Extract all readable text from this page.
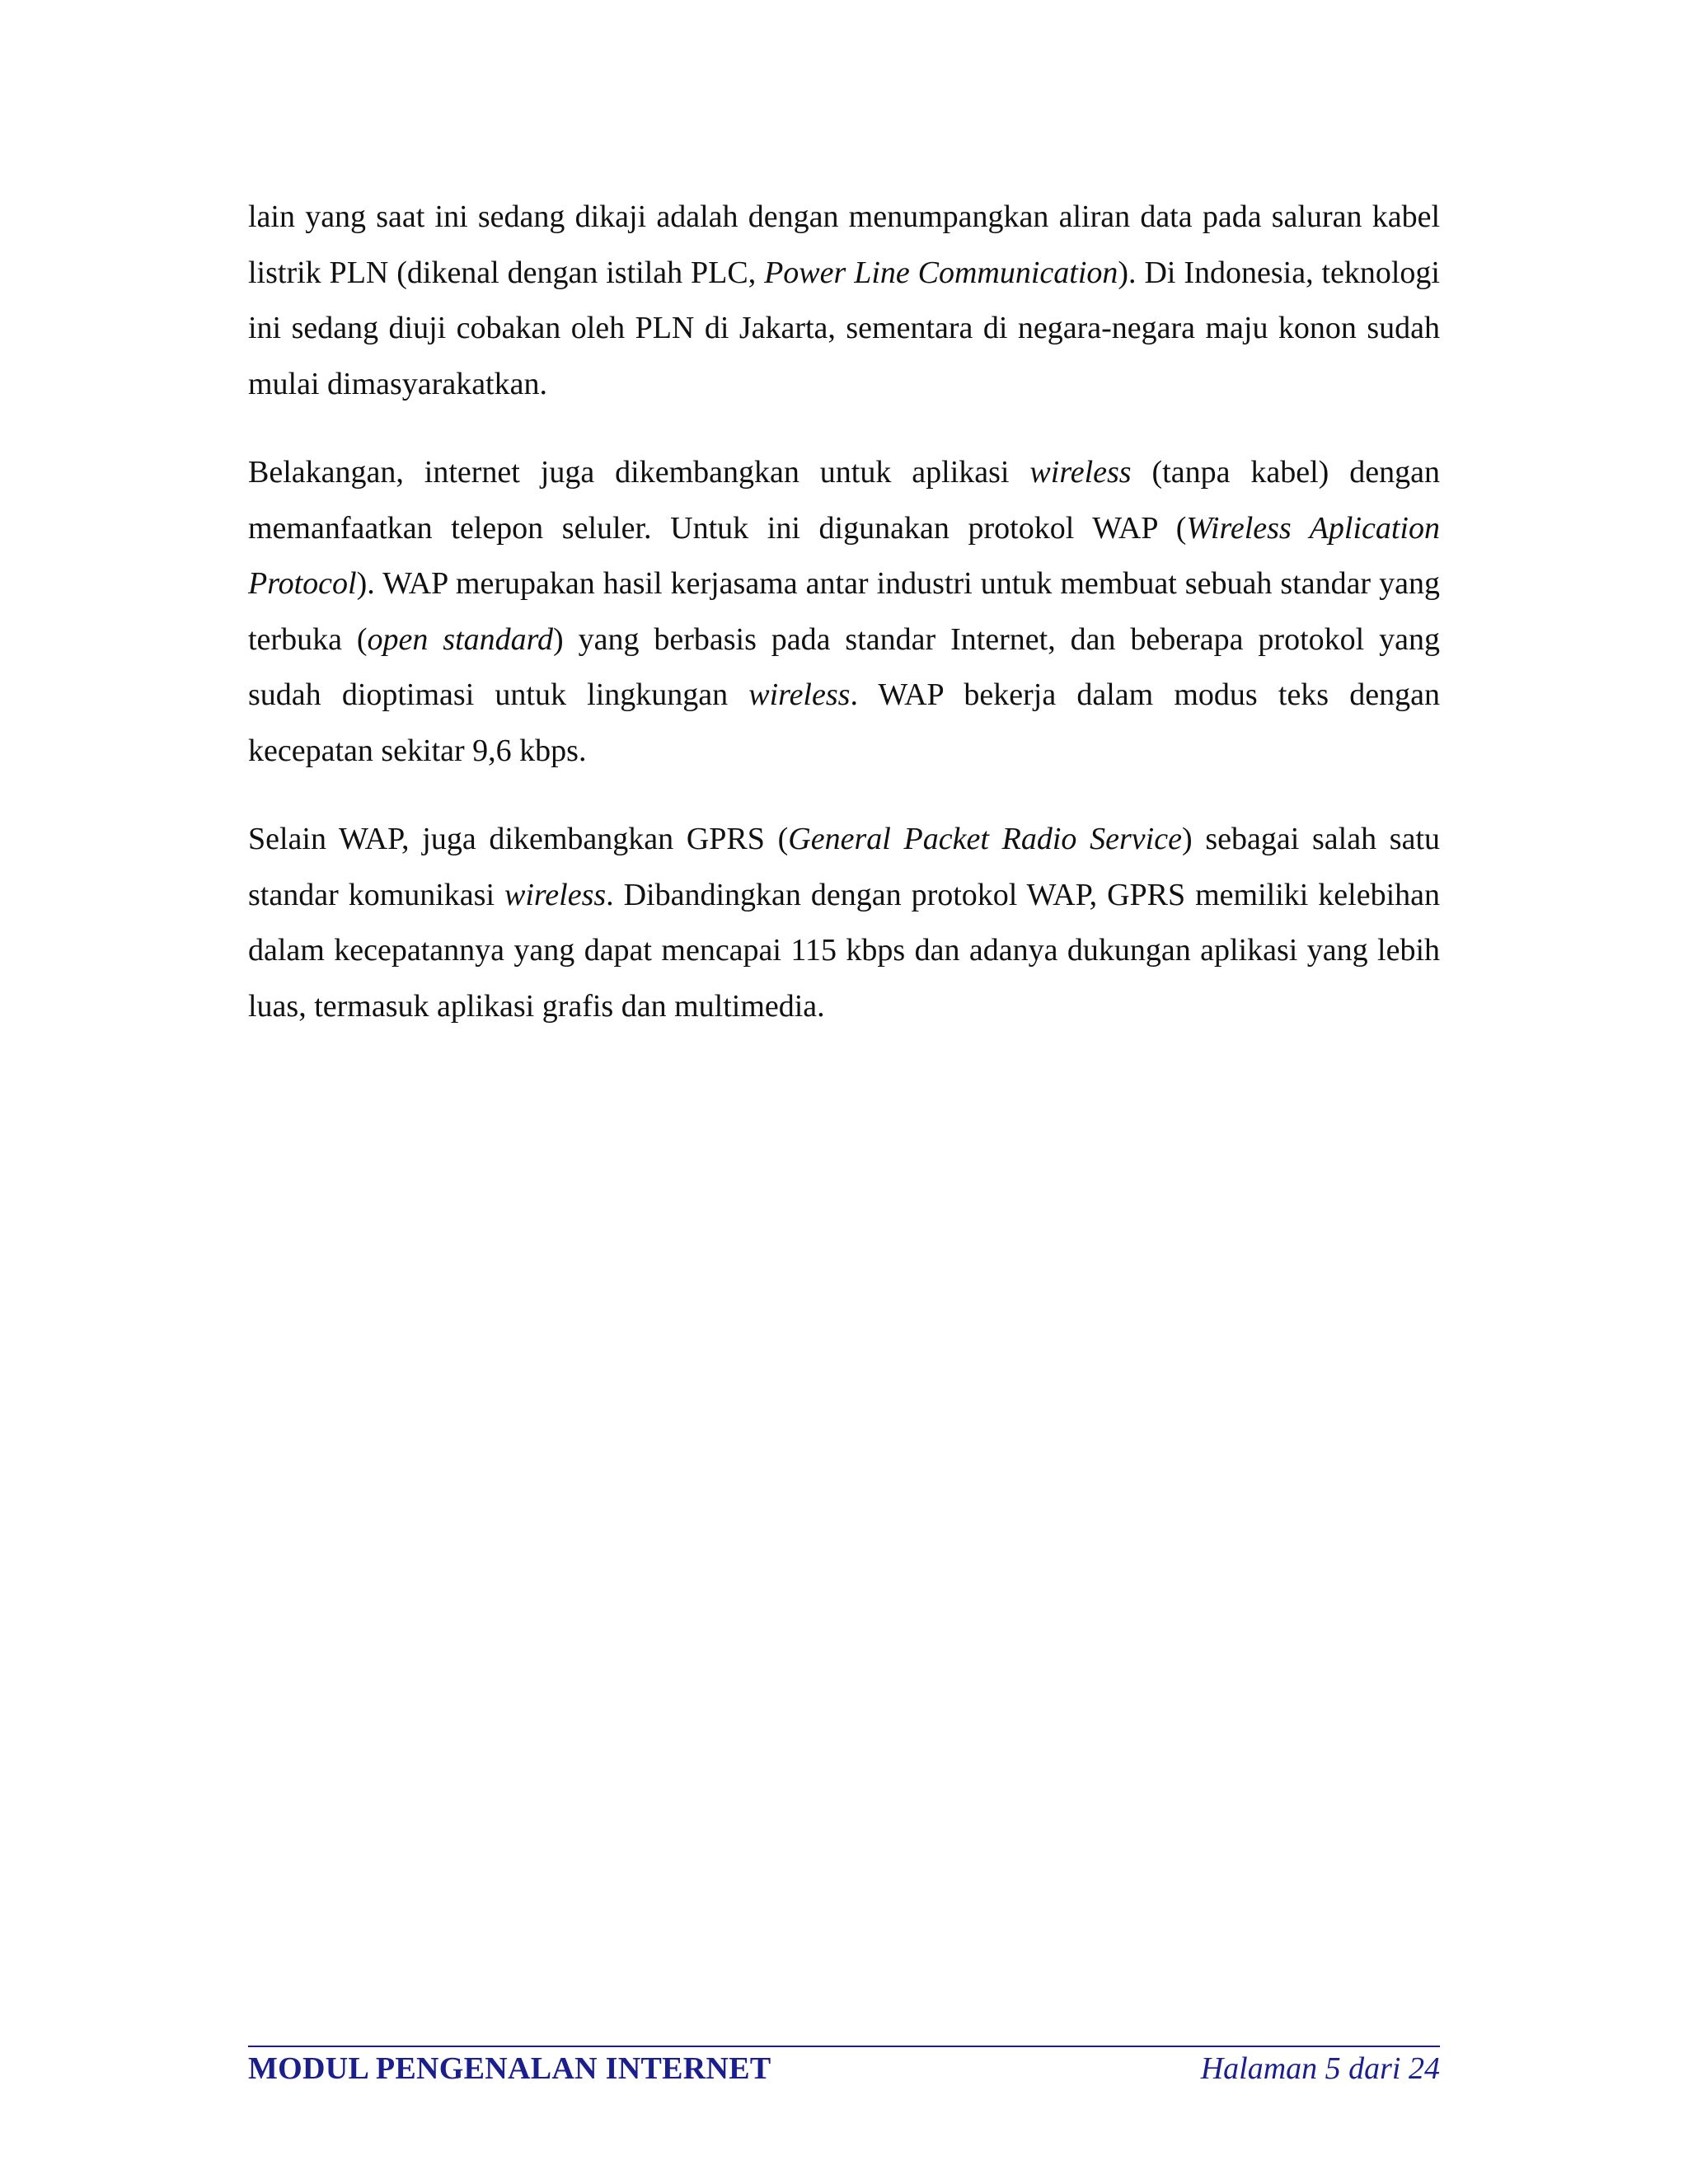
lain yang saat ini sedang dikaji adalah dengan menumpangkan aliran data pada saluran kabel listrik PLN (dikenal dengan istilah PLC, Power Line Communication). Di Indonesia, teknologi ini sedang diuji cobakan oleh PLN di Jakarta, sementara di negara-negara maju konon sudah mulai dimasyarakatkan.

Belakangan, internet juga dikembangkan untuk aplikasi wireless (tanpa kabel) dengan memanfaatkan telepon seluler. Untuk ini digunakan protokol WAP (Wireless Aplication Protocol). WAP merupakan hasil kerjasama antar industri untuk membuat sebuah standar yang terbuka (open standard) yang berbasis pada standar Internet, dan beberapa protokol yang sudah dioptimasi untuk lingkungan wireless. WAP bekerja dalam modus teks dengan kecepatan sekitar 9,6 kbps.

Selain WAP, juga dikembangkan GPRS (General Packet Radio Service) sebagai salah satu standar komunikasi wireless. Dibandingkan dengan protokol WAP, GPRS memiliki kelebihan dalam kecepatannya yang dapat mencapai 115 kbps dan adanya dukungan aplikasi yang lebih luas, termasuk aplikasi grafis dan multimedia.

MODUL PENGENALAN INTERNET	Halaman 5 dari 24
